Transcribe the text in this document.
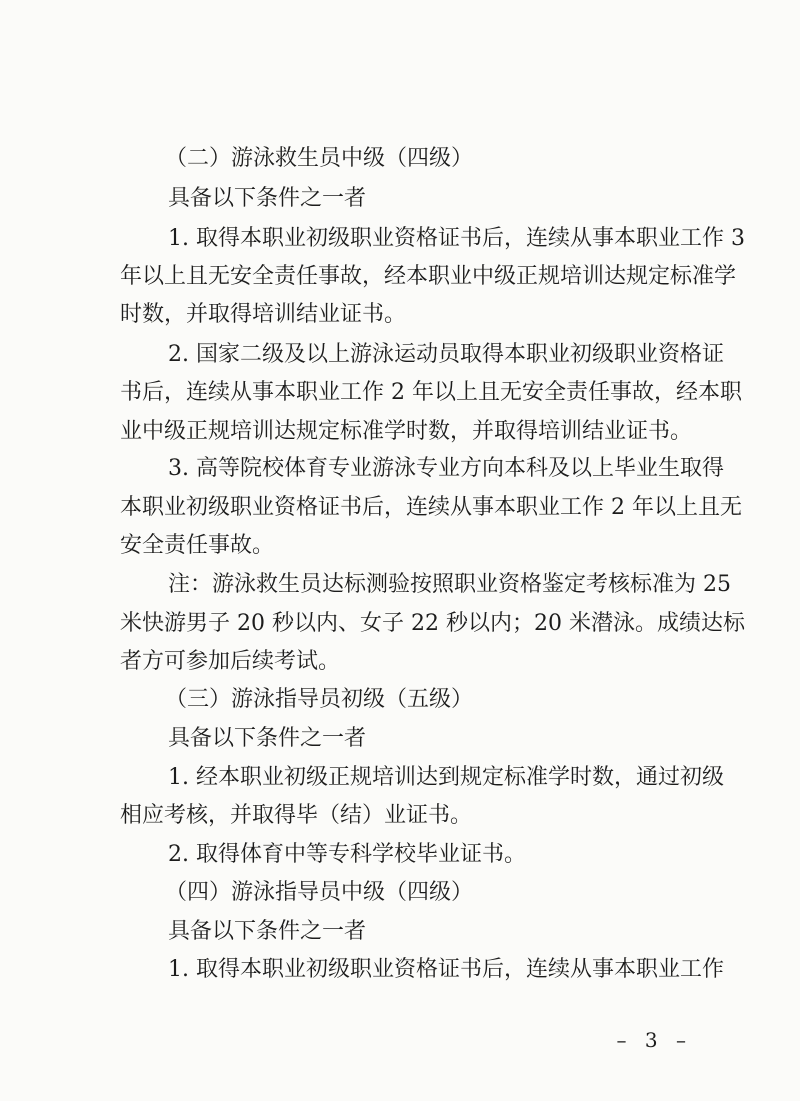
（二）游泳救生员中级（四级）
具备以下条件之一者
1. 取得本职业初级职业资格证书后，连续从事本职业工作 3
年以上且无安全责任事故，经本职业中级正规培训达规定标准学
时数，并取得培训结业证书。
2. 国家二级及以上游泳运动员取得本职业初级职业资格证
书后，连续从事本职业工作 2 年以上且无安全责任事故，经本职
业中级正规培训达规定标准学时数，并取得培训结业证书。
3. 高等院校体育专业游泳专业方向本科及以上毕业生取得
本职业初级职业资格证书后，连续从事本职业工作 2 年以上且无
安全责任事故。
注：游泳救生员达标测验按照职业资格鉴定考核标准为 25
米快游男子 20 秒以内、女子 22 秒以内；20 米潜泳。成绩达标
者方可参加后续考试。
（三）游泳指导员初级（五级）
具备以下条件之一者
1. 经本职业初级正规培训达到规定标准学时数，通过初级
相应考核，并取得毕（结）业证书。
2. 取得体育中等专科学校毕业证书。
（四）游泳指导员中级（四级）
具备以下条件之一者
1. 取得本职业初级职业资格证书后，连续从事本职业工作
– 3 –
